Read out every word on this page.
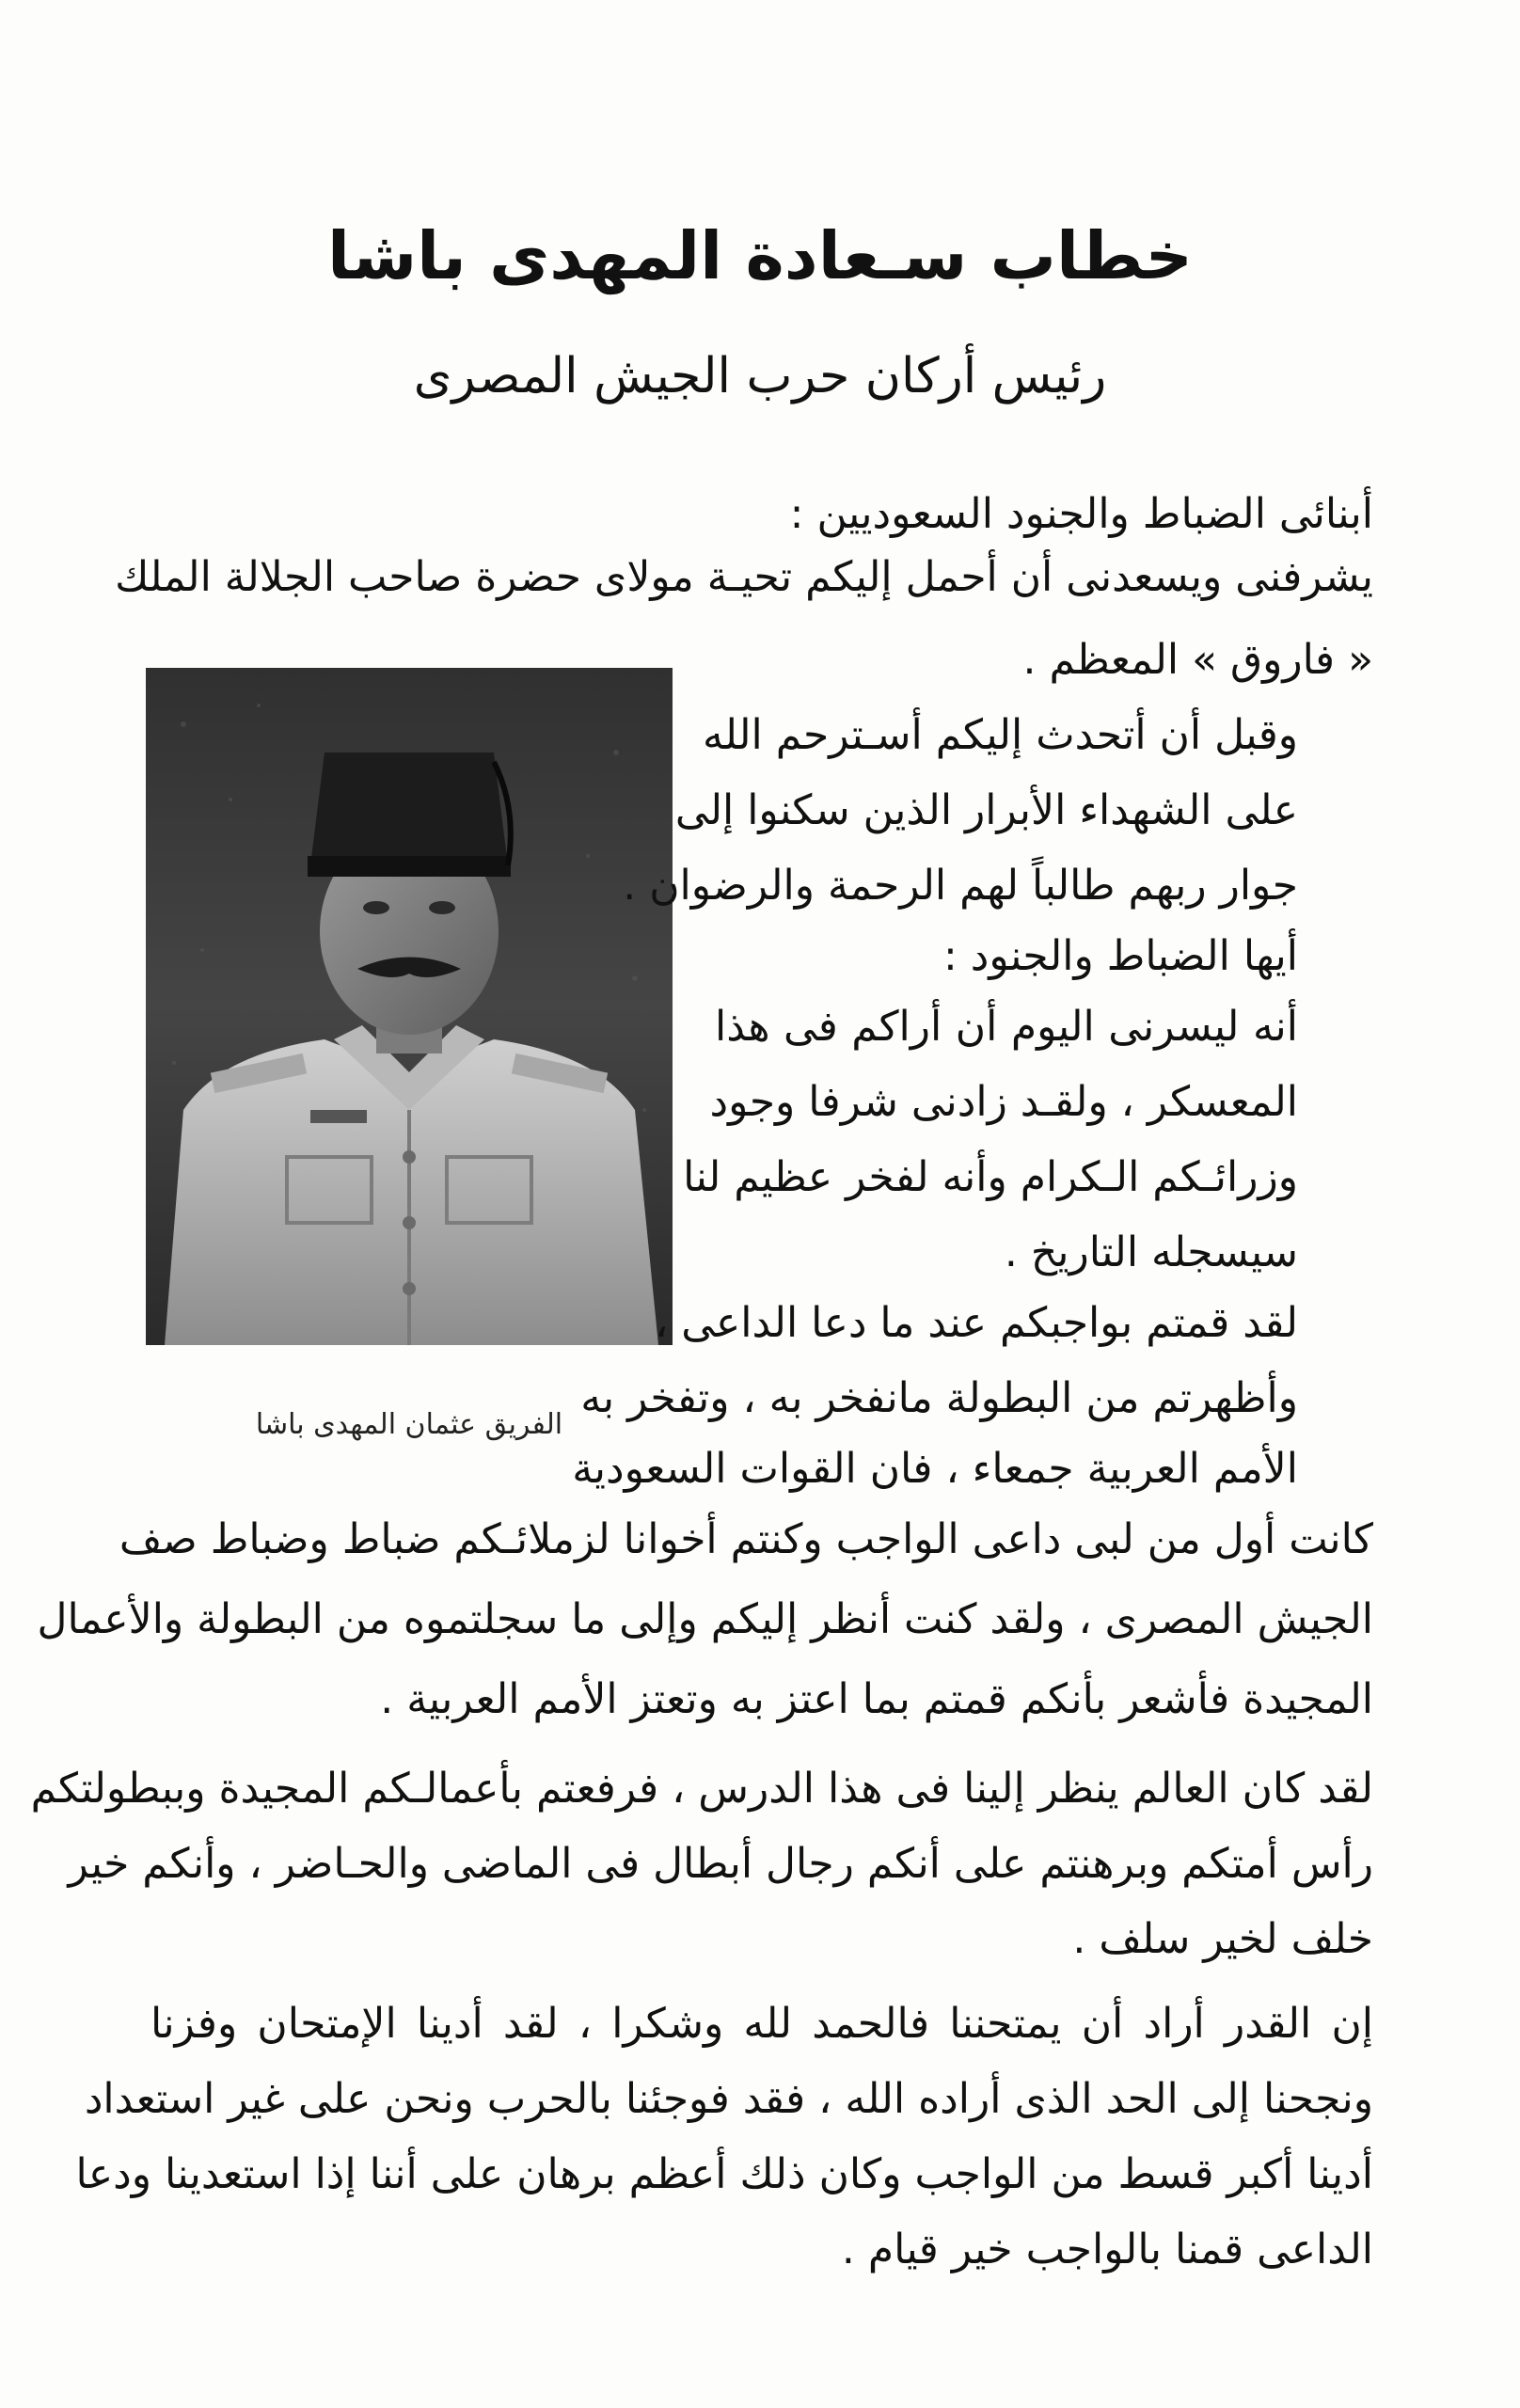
خطاب سـعادة المهدى باشا
رئيس أركان حرب الجيش المصرى
أبنائى الضباط والجنود السعوديين :
يشرفنى ويسعدنى أن أحمل إليكم تحيـة مولاى حضرة صاحب الجلالة الملك
« فاروق » المعظم .
الفريق عثمان المهدى باشا
وقبل أن أتحدث إليكم أسـترحم الله
على الشهداء الأبرار الذين سكنوا إلى
جوار ربهم طالباً لهم الرحمة والرضوان .
أيها الضباط والجنود :
أنه ليسرنى اليوم أن أراكم فى هذا
المعسكر ، ولقـد زادنى شرفا وجود
وزرائـكم الـكرام وأنه لفخر عظيم لنا
سيسجله التاريخ .
لقد قمتم بواجبكم عند ما دعا الداعى ،
وأظهرتم من البطولة مانفخر به ، وتفخر به
الأمم العربية جمعاء ، فان القوات السعودية
كانت أول من لبى داعى الواجب وكنتم أخوانا لزملائـكم ضباط وضباط صف
الجيش المصرى ، ولقد كنت أنظر إليكم وإلى ما سجلتموه من البطولة والأعمال
المجيدة فأشعر بأنكم قمتم بما اعتز به وتعتز الأمم العربية .
لقد كان العالم ينظر إلينا فى هذا الدرس ، فرفعتم بأعمالـكم المجيدة وببطولتكم
رأس أمتكم وبرهنتم على أنكم رجال أبطال فى الماضى والحـاضر ، وأنكم خير
خلف لخير سلف .
إن القدر أراد أن يمتحننا فالحمد لله وشكرا ، لقد أدينا الإمتحان وفزنا
ونجحنا إلى الحد الذى أراده الله ، فقد فوجئنا بالحرب ونحن على غير استعداد
أدينا أكبر قسط من الواجب وكان ذلك أعظم برهان على أننا إذا استعدينا ودعا
الداعى قمنا بالواجب خير قيام .
